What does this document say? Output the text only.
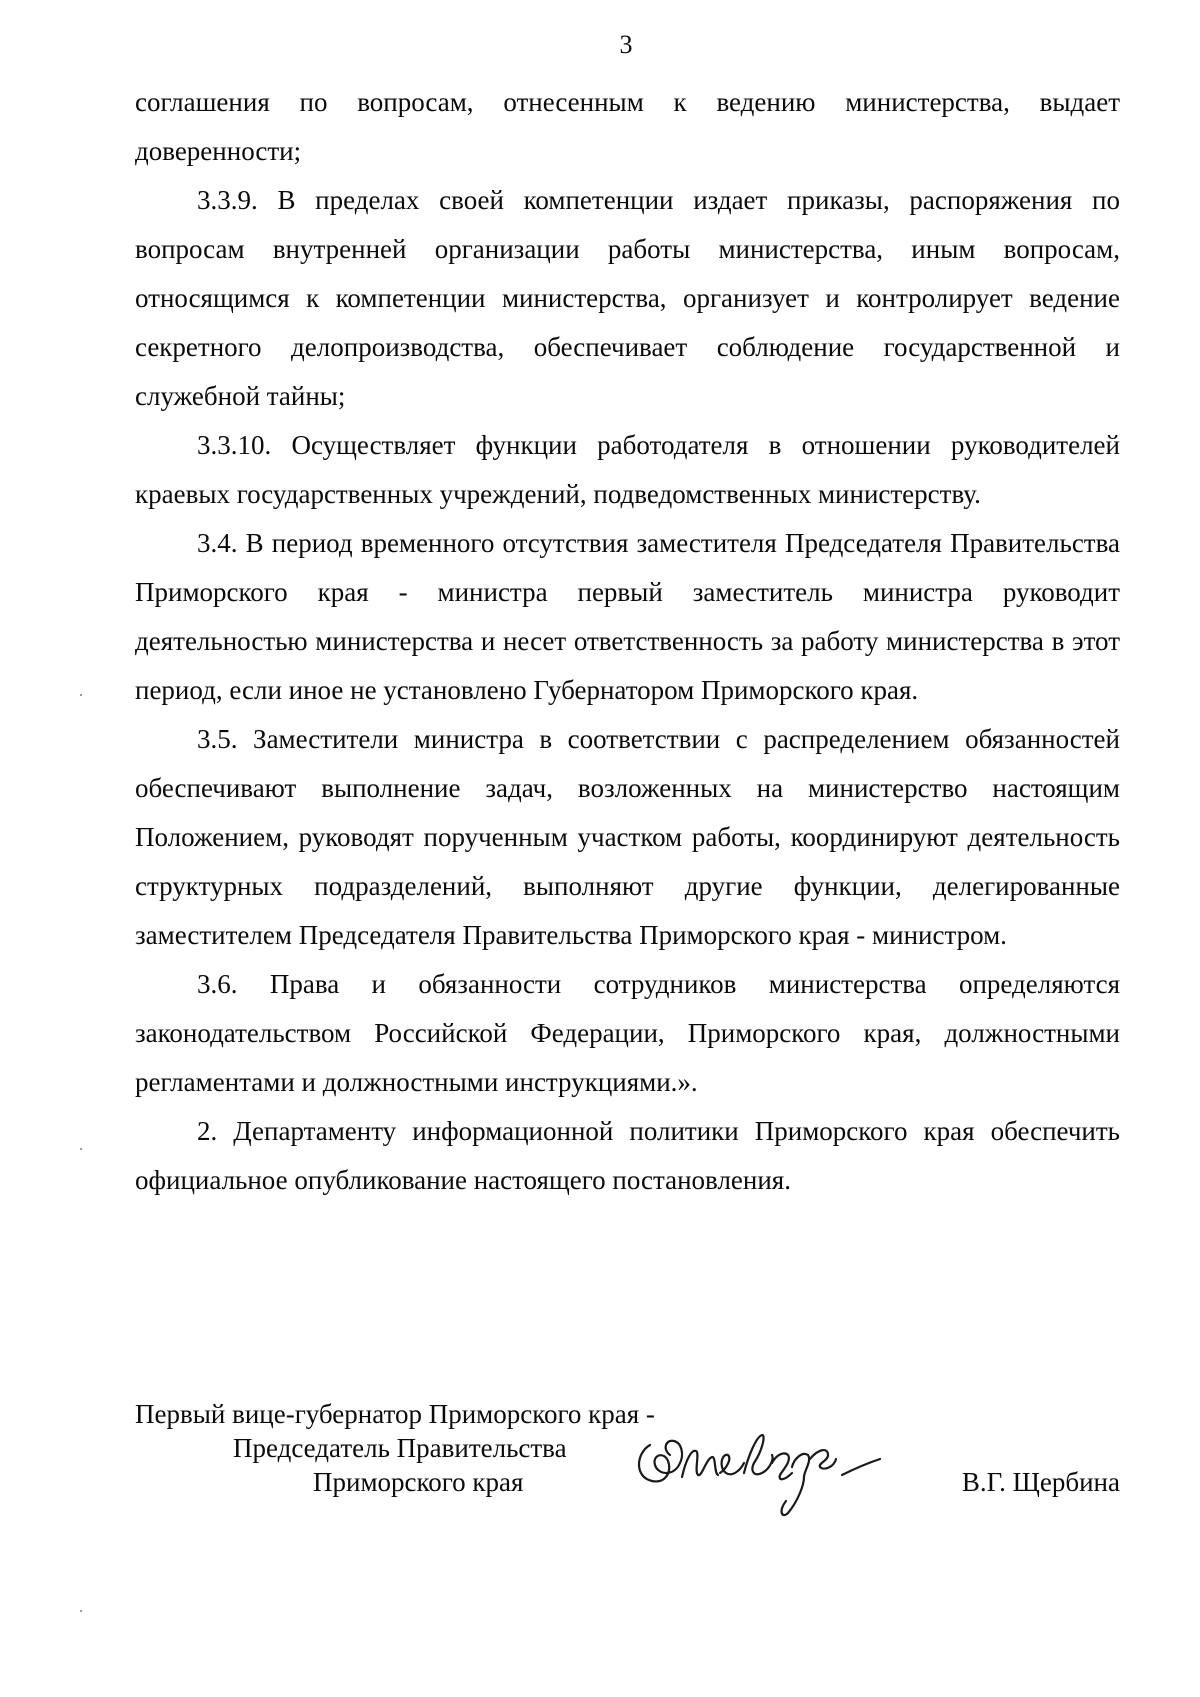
3

соглашения по вопросам, отнесенным к ведению министерства, выдает доверенности;

3.3.9. В пределах своей компетенции издает приказы, распоряжения по вопросам внутренней организации работы министерства, иным вопросам, относящимся к компетенции министерства, организует и контролирует ведение секретного делопроизводства, обеспечивает соблюдение государственной и служебной тайны;

3.3.10. Осуществляет функции работодателя в отношении руководителей краевых государственных учреждений, подведомственных министерству.

3.4. В период временного отсутствия заместителя Председателя Правительства Приморского края - министра первый заместитель министра руководит деятельностью министерства и несет ответственность за работу министерства в этот период, если иное не установлено Губернатором Приморского края.

3.5. Заместители министра в соответствии с распределением обязанностей обеспечивают выполнение задач, возложенных на министерство настоящим Положением, руководят порученным участком работы, координируют деятельность структурных подразделений, выполняют другие функции, делегированные заместителем Председателя Правительства Приморского края - министром.

3.6. Права и обязанности сотрудников министерства определяются законодательством Российской Федерации, Приморского края, должностными регламентами и должностными инструкциями.».

2. Департаменту информационной политики Приморского края обеспечить официальное опубликование настоящего постановления.

Первый вице-губернатор Приморского края -
Председатель Правительства
Приморского края	В.Г. Щербина
